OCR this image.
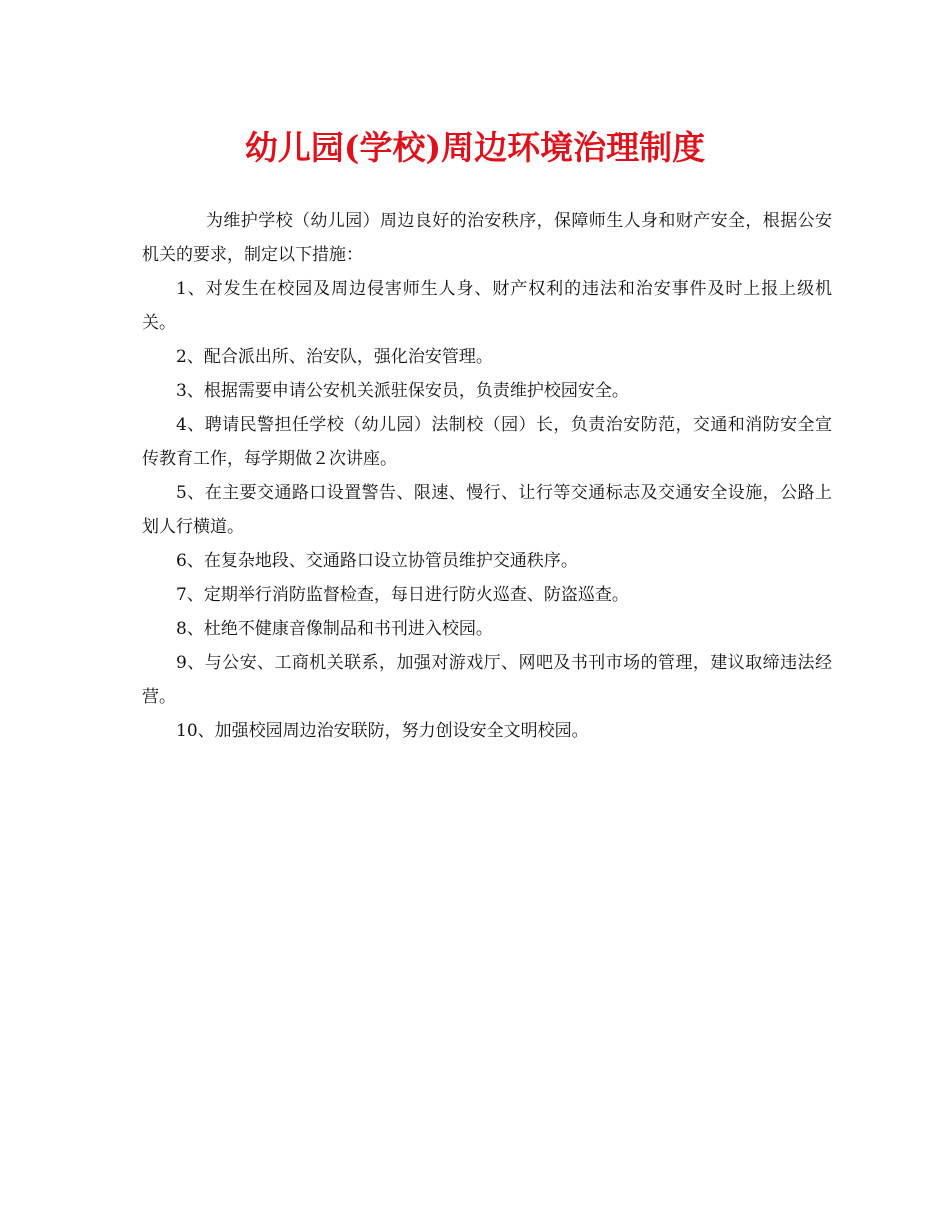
幼儿园(学校)周边环境治理制度

为维护学校（幼儿园）周边良好的治安秩序，保障师生人身和财产安全，根据公安机关的要求，制定以下措施：

1、对发生在校园及周边侵害师生人身、财产权利的违法和治安事件及时上报上级机关。

2、配合派出所、治安队，强化治安管理。

3、根据需要申请公安机关派驻保安员，负责维护校园安全。

4、聘请民警担任学校（幼儿园）法制校（园）长，负责治安防范，交通和消防安全宣传教育工作，每学期做２次讲座。

5、在主要交通路口设置警告、限速、慢行、让行等交通标志及交通安全设施，公路上划人行横道。

6、在复杂地段、交通路口设立协管员维护交通秩序。

7、定期举行消防监督检查，每日进行防火巡查、防盗巡查。

8、杜绝不健康音像制品和书刊进入校园。

9、与公安、工商机关联系，加强对游戏厅、网吧及书刊市场的管理，建议取缔违法经营。

10、加强校园周边治安联防，努力创设安全文明校园。
